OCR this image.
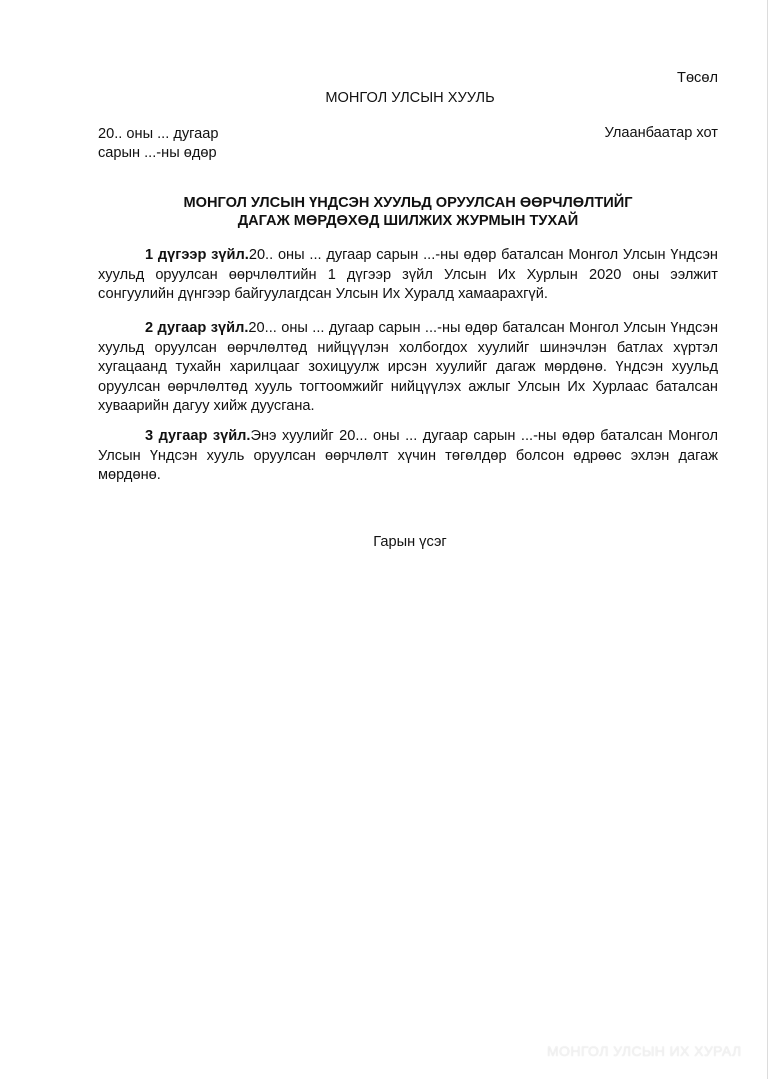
Төсөл
МОНГОЛ УЛСЫН ХУУЛЬ
20.. оны ... дугаар
сарын ...-ны өдөр
Улаанбаатар хот
МОНГОЛ УЛСЫН ҮНДСЭН ХУУЛЬД ОРУУЛСАН ӨӨРЧЛӨЛТИЙГ
ДАГАЖ МӨРДӨХӨД ШИЛЖИХ ЖУРМЫН ТУХАЙ
1 дүгээр зүйл.20.. оны ... дугаар сарын ...-ны өдөр баталсан Монгол Улсын Үндсэн хуульд оруулсан өөрчлөлтийн 1 дүгээр зүйл Улсын Их Хурлын 2020 оны ээлжит сонгуулийн дүнгээр байгуулагдсан Улсын Их Хуралд хамаарахгүй.
2 дугаар зүйл.20... оны ... дугаар сарын ...-ны өдөр баталсан Монгол Улсын Үндсэн хуульд оруулсан өөрчлөлтөд нийцүүлэн холбогдох хуулийг шинэчлэн батлах хүртэл хугацаанд тухайн харилцааг зохицуулж ирсэн хуулийг дагаж мөрдөнө. Үндсэн хуульд оруулсан өөрчлөлтөд хууль тогтоомжийг нийцүүлэх ажлыг Улсын Их Хурлаас баталсан хуваарийн дагуу хийж дуусгана.
3 дугаар зүйл.Энэ хуулийг 20... оны ... дугаар сарын ...-ны өдөр баталсан Монгол Улсын Үндсэн хууль оруулсан өөрчлөлт хүчин төгөлдөр болсон өдрөөс эхлэн дагаж мөрдөнө.
Гарын үсэг
МОНГОЛ УЛСЫН ИХ ХУРАЛ
